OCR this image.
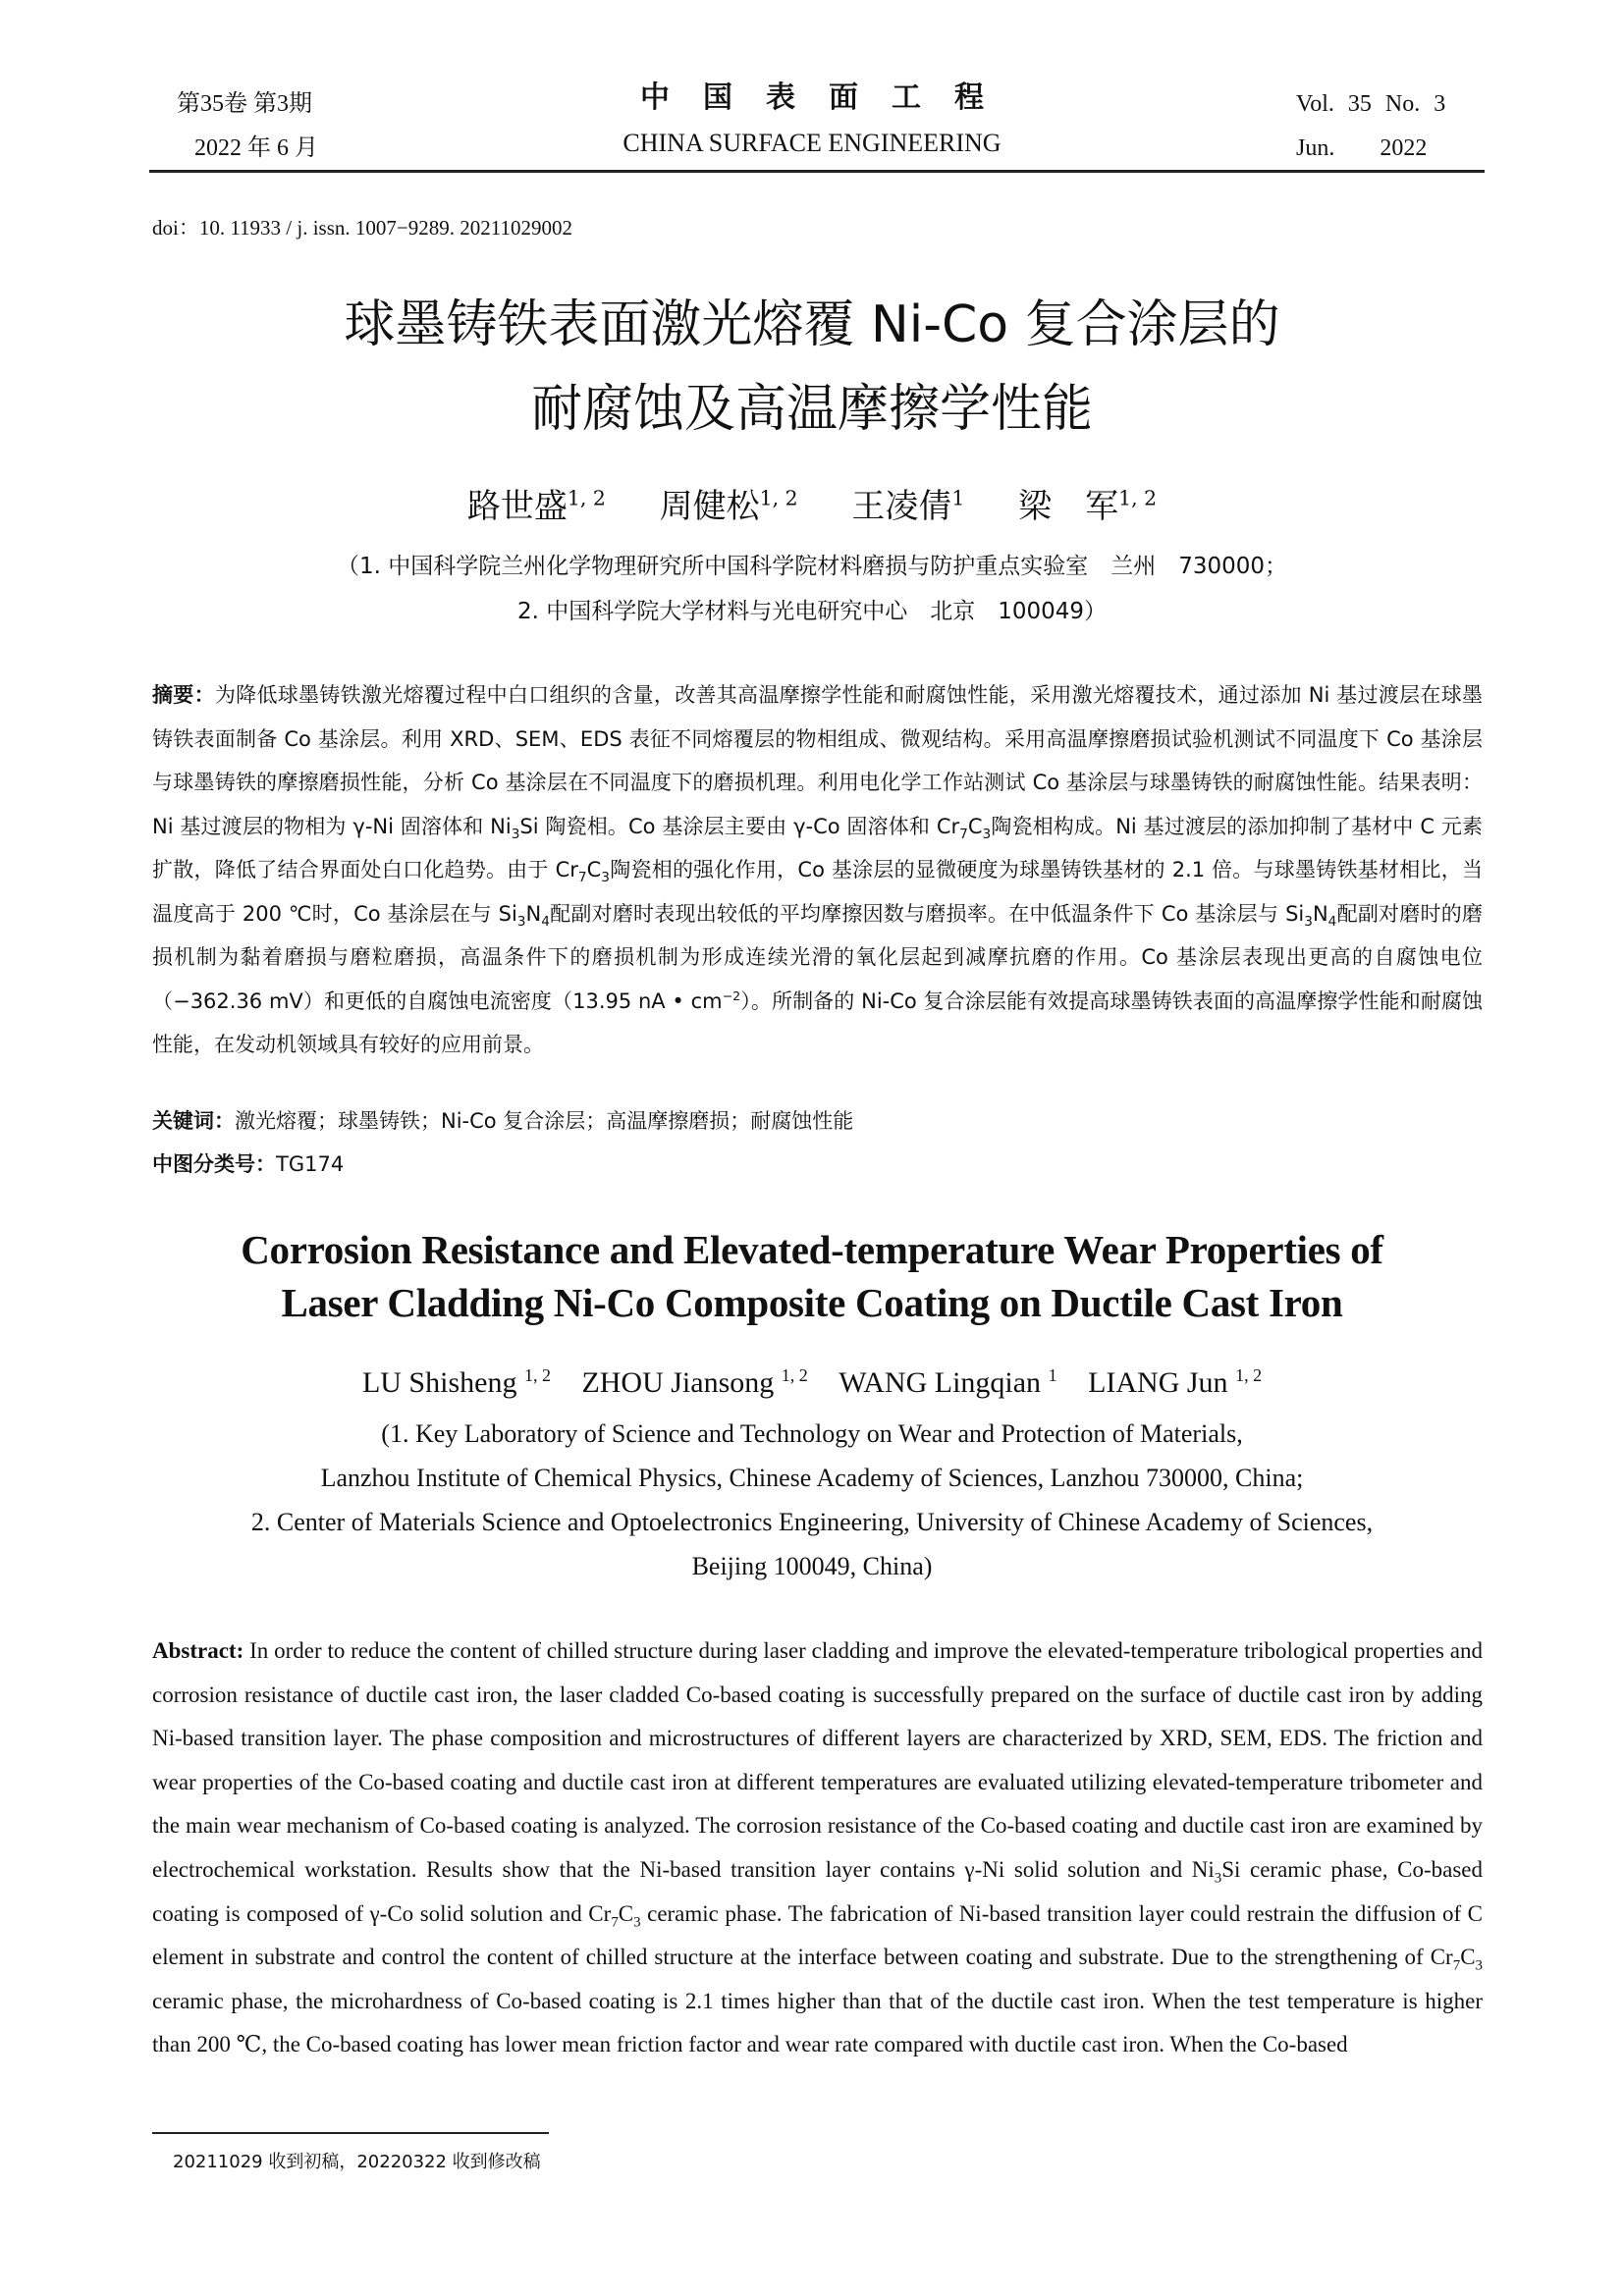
第35卷 第3期
2022 年 6 月
中国表面工程
CHINA SURFACE ENGINEERING
Vol. 35 No. 3
Jun. 2022
doi：10. 11933 / j. issn. 1007−9289. 20211029002
球墨铸铁表面激光熔覆 Ni-Co 复合涂层的
耐腐蚀及高温摩擦学性能
路世盛$^{1, 2}$ 周健松$^{1, 2}$ 王凌倩$^1$ 梁　军$^{1, 2}$
（1. 中国科学院兰州化学物理研究所中国科学院材料磨损与防护重点实验室　兰州　730000；
2. 中国科学院大学材料与光电研究中心　北京　100049）
摘要：为降低球墨铸铁激光熔覆过程中白口组织的含量，改善其高温摩擦学性能和耐腐蚀性能，采用激光熔覆技术，通过添加 Ni 基过渡层在球墨铸铁表面制备 Co 基涂层。利用 XRD、SEM、EDS 表征不同熔覆层的物相组成、微观结构。采用高温摩擦磨损试验机测试不同温度下 Co 基涂层与球墨铸铁的摩擦磨损性能，分析 Co 基涂层在不同温度下的磨损机理。利用电化学工作站测试 Co 基涂层与球墨铸铁的耐腐蚀性能。结果表明：Ni 基过渡层的物相为 γ-Ni 固溶体和 $Ni_3Si$ 陶瓷相。Co 基涂层主要由 γ-Co 固溶体和 $Cr_7C_3$陶瓷相构成。Ni 基过渡层的添加抑制了基材中 C 元素扩散，降低了结合界面处白口化趋势。由于 $Cr_7C_3$陶瓷相的强化作用，Co 基涂层的显微硬度为球墨铸铁基材的 2.1 倍。与球墨铸铁基材相比，当温度高于 200 ℃时，Co 基涂层在与 $Si_3N_4$配副对磨时表现出较低的平均摩擦因数与磨损率。在中低温条件下 Co 基涂层与 $Si_3N_4$配副对磨时的磨损机制为黏着磨损与磨粒磨损，高温条件下的磨损机制为形成连续光滑的氧化层起到减摩抗磨的作用。Co 基涂层表现出更高的自腐蚀电位（−362.36 mV）和更低的自腐蚀电流密度（13.95 nA • $cm^{-2}$）。所制备的 Ni-Co 复合涂层能有效提高球墨铸铁表面的高温摩擦学性能和耐腐蚀性能，在发动机领域具有较好的应用前景。
关键词：激光熔覆；球墨铸铁；Ni-Co 复合涂层；高温摩擦磨损；耐腐蚀性能
中图分类号：TG174
Corrosion Resistance and Elevated-temperature Wear Properties of
Laser Cladding Ni-Co Composite Coating on Ductile Cast Iron
LU Shisheng $^{1, 2}$ ZHOU Jiansong $^{1, 2}$ WANG Lingqian $^1$ LIANG Jun $^{1, 2}$
(1. Key Laboratory of Science and Technology on Wear and Protection of Materials,
Lanzhou Institute of Chemical Physics, Chinese Academy of Sciences, Lanzhou 730000, China;
2. Center of Materials Science and Optoelectronics Engineering, University of Chinese Academy of Sciences,
Beijing 100049, China)
Abstract: In order to reduce the content of chilled structure during laser cladding and improve the elevated-temperature tribological properties and corrosion resistance of ductile cast iron, the laser cladded Co-based coating is successfully prepared on the surface of ductile cast iron by adding Ni-based transition layer. The phase composition and microstructures of different layers are characterized by XRD, SEM, EDS. The friction and wear properties of the Co-based coating and ductile cast iron at different temperatures are evaluated utilizing elevated-temperature tribometer and the main wear mechanism of Co-based coating is analyzed. The corrosion resistance of the Co-based coating and ductile cast iron are examined by electrochemical workstation. Results show that the Ni-based transition layer contains γ-Ni solid solution and $Ni_3Si$ ceramic phase, Co-based coating is composed of γ-Co solid solution and $Cr_7C_3$ ceramic phase. The fabrication of Ni-based transition layer could restrain the diffusion of C element in substrate and control the content of chilled structure at the interface between coating and substrate. Due to the strengthening of $Cr_7C_3$ ceramic phase, the microhardness of Co-based coating is 2.1 times higher than that of the ductile cast iron. When the test temperature is higher than 200 ℃, the Co-based coating has lower mean friction factor and wear rate compared with ductile cast iron. When the Co-based
20211029 收到初稿，20220322 收到修改稿
